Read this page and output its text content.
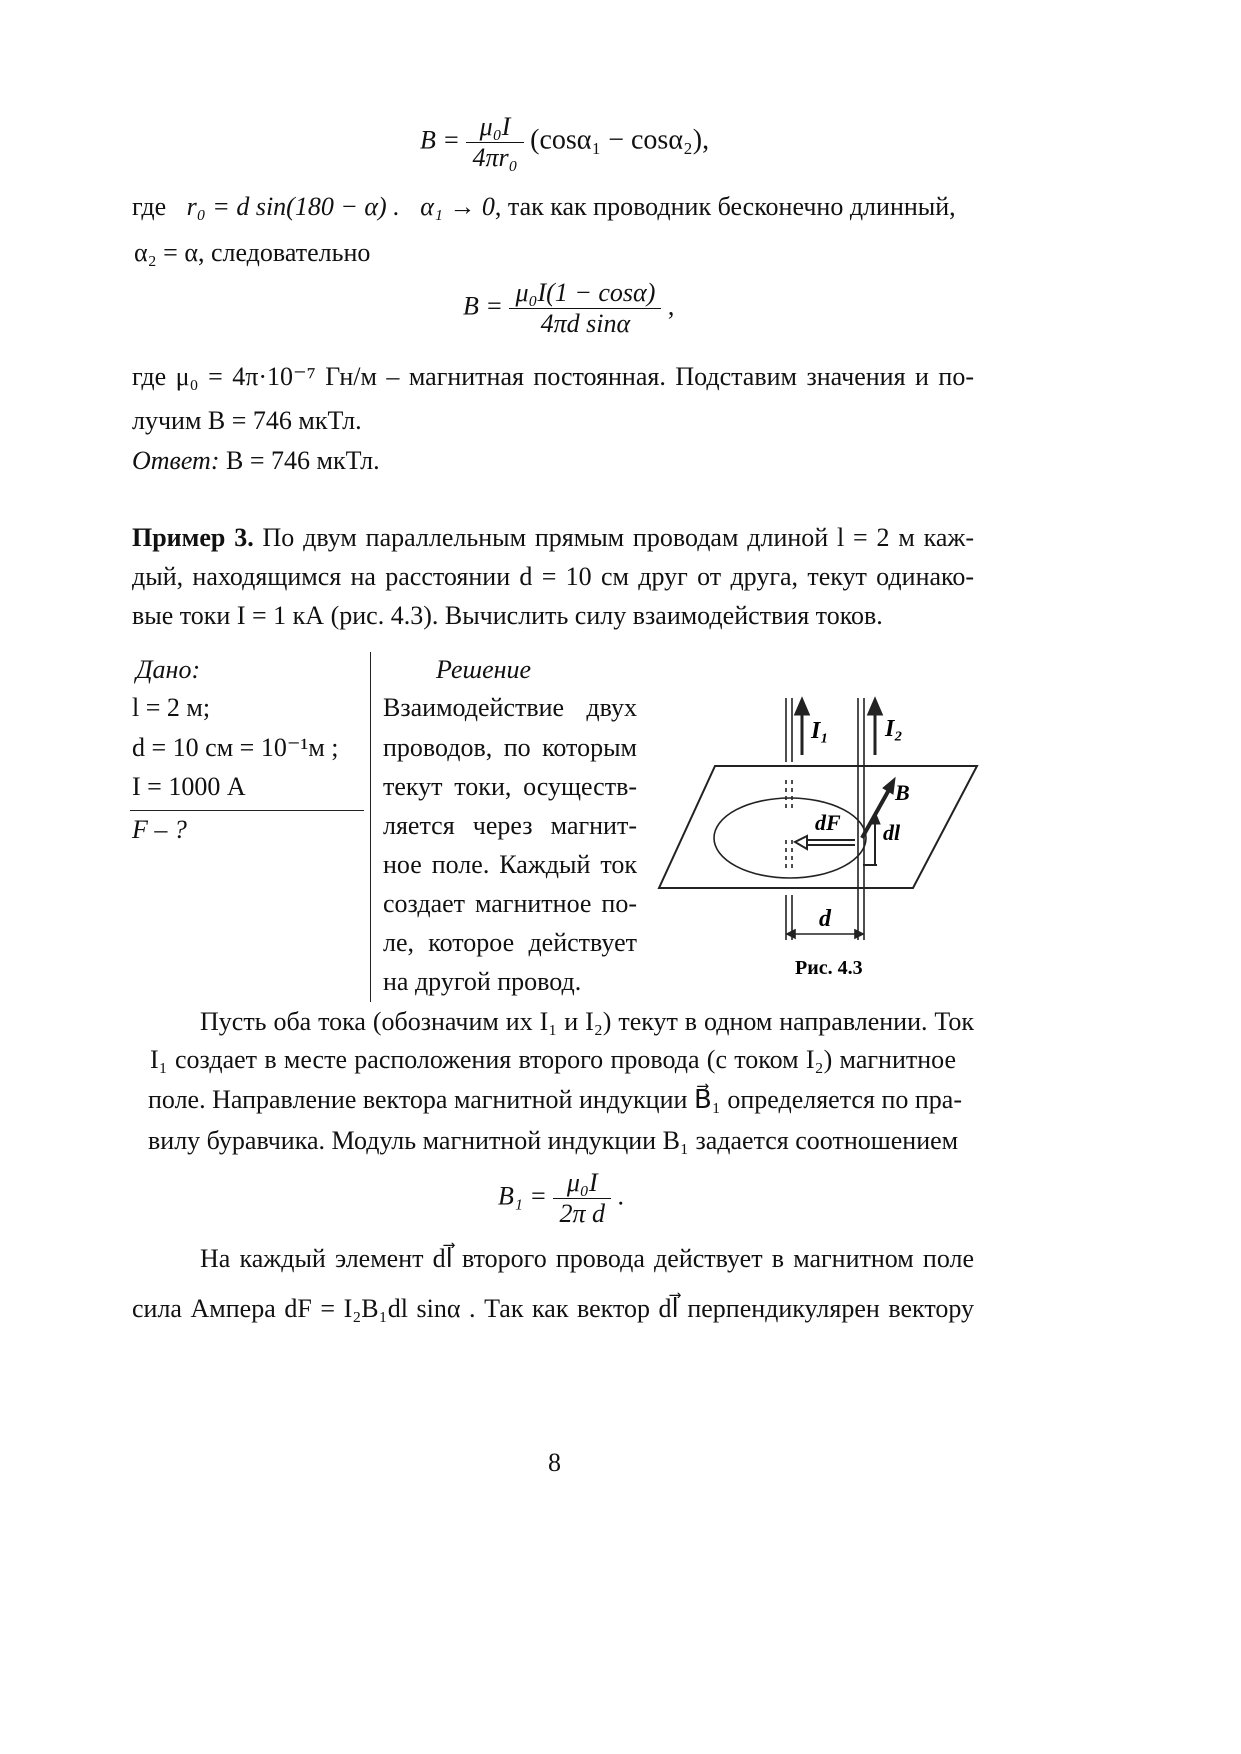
$B = \frac{\text{μ₀I}}{\text{4πr₀}} (\cos\alpha_1 - \cos\alpha_2)$,
где r₀ = d sin(180 − α) . α₁ → 0, так как проводник бесконечно длинный,
α₂ = α, следовательно
$B = \frac{\text{μ₀I(1 − cosα)}}{\text{4πd sinα}}$ ,
где μ₀ = 4π·10⁻⁷ Гн/м – магнитная постоянная. Подставим значения и по-
лучим B = 746 мкТл.
Ответ: B = 746 мкТл.
Пример 3. По двум параллельным прямым проводам длиной l = 2 м каж-
дый, находящимся на расстоянии d = 10 см друг от друга, текут одинако-
вые токи I = 1 кА (рис. 4.3). Вычислить силу взаимодействия токов.
Дано:
l = 2 м;
d = 10 см = 10⁻¹м ;
I = 1000 А
F – ?
Решение
Взаимодействие двух
проводов, по которым
текут токи, осуществ-
ляется через магнит-
ное поле. Каждый ток
создает магнитное по-
ле, которое действует
на другой провод.
I₁ I₂
B⃗
dF⃗ dl⃗
d
Рис. 4.3
Пусть оба тока (обозначим их I₁ и I₂) текут в одном направлении. Ток
I₁ создает в месте расположения второго провода (с током I₂) магнитное
поле. Направление вектора магнитной индукции B⃗₁ определяется по пра-
вилу буравчика. Модуль магнитной индукции B₁ задается соотношением
$B_1 = \frac{\text{μ₀I}}{\text{2π d}}$ .
На каждый элемент dl⃗ второго провода действует в магнитном поле
сила Ампера dF = I₂B₁dl sinα . Так как вектор dl⃗ перпендикулярен вектору
8
